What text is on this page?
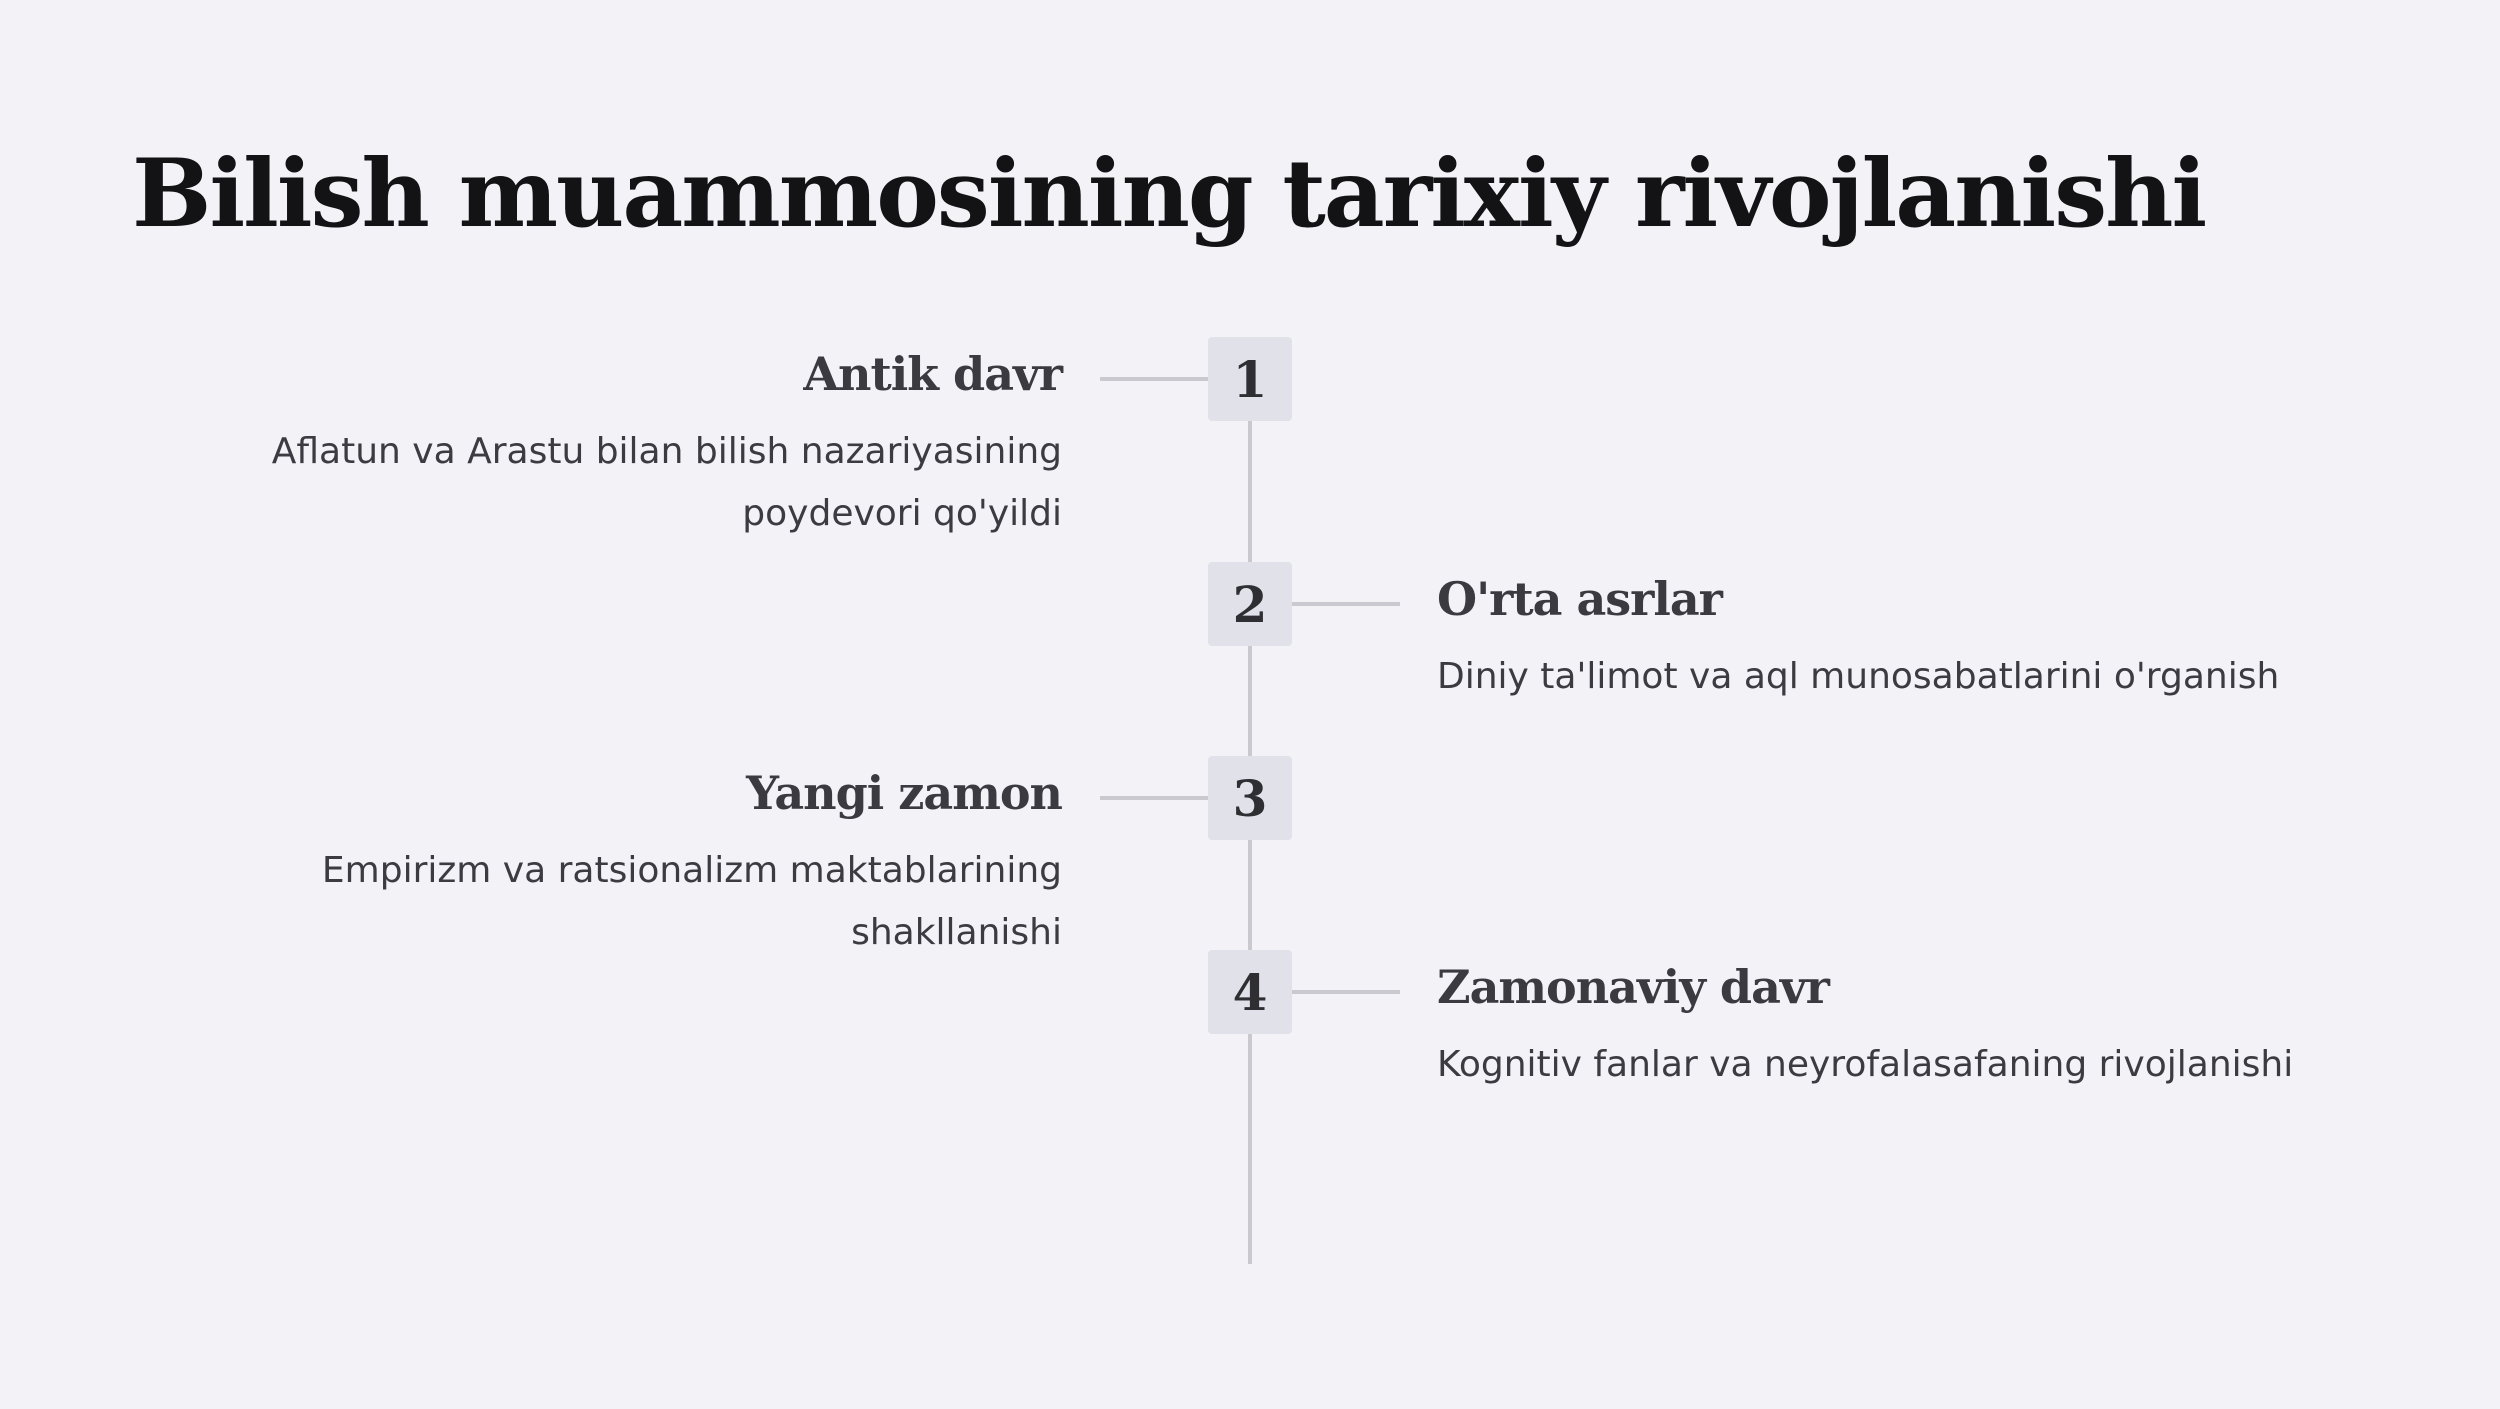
Bilish muammosining tarixiy rivojlanishi
1
Antik davr
Aflatun va Arastu bilan bilish nazariyasining poydevori qo'yildi
2	O'rta asrlar
Diniy ta'limot va aql munosabatlarini o'rganish
3
Yangi zamon
Empirizm va ratsionalizm maktablarining shakllanishi
4	Zamonaviy davr
Kognitiv fanlar va neyrofalasafaning rivojlanishi
